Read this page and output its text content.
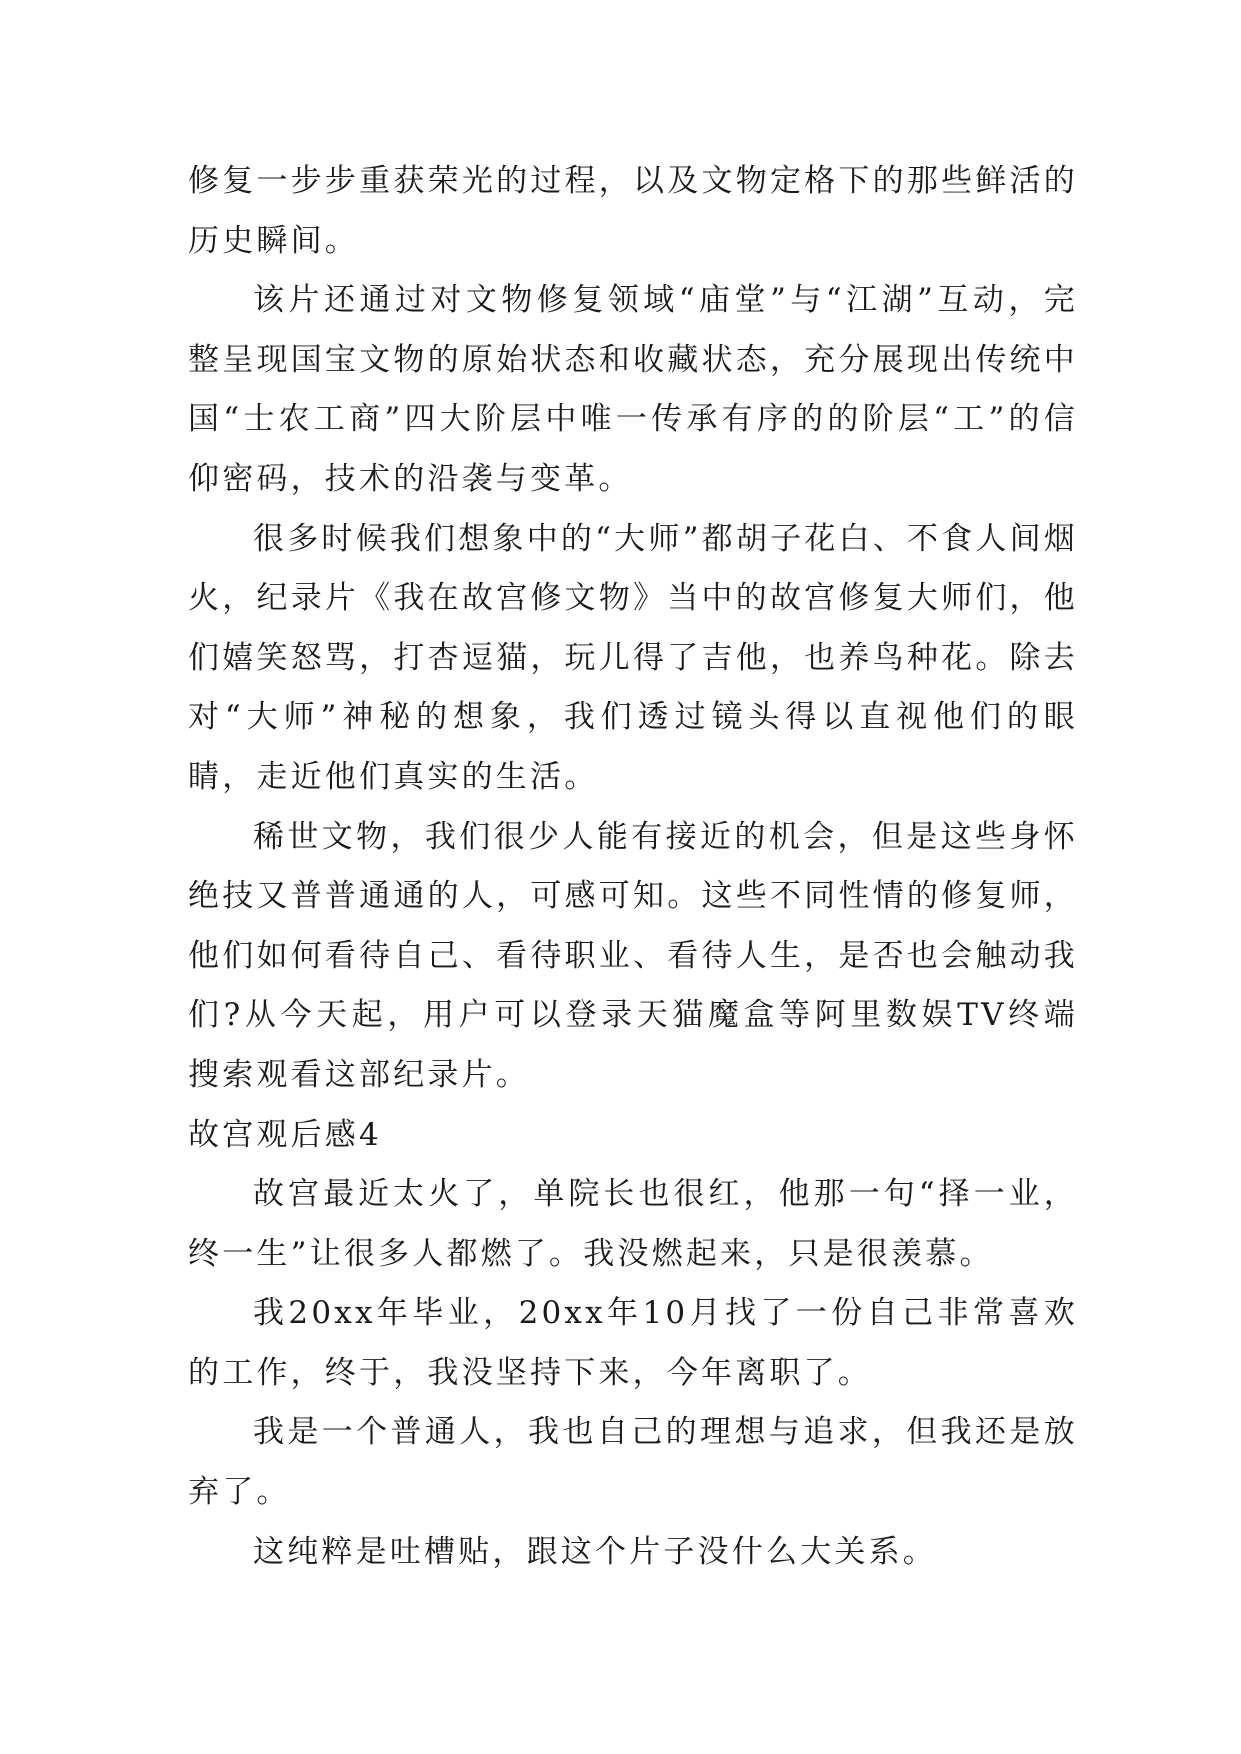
修复一步步重获荣光的过程，以及文物定格下的那些鲜活的历史瞬间。

该片还通过对文物修复领域“庙堂”与“江湖”互动，完整呈现国宝文物的原始状态和收藏状态，充分展现出传统中国“士农工商”四大阶层中唯一传承有序的的阶层“工”的信仰密码，技术的沿袭与变革。

很多时候我们想象中的“大师”都胡子花白、不食人间烟火，纪录片《我在故宫修文物》当中的故宫修复大师们，他们嬉笑怒骂，打杏逗猫，玩儿得了吉他，也养鸟种花。除去对“大师”神秘的想象，我们透过镜头得以直视他们的眼睛，走近他们真实的生活。

稀世文物，我们很少人能有接近的机会，但是这些身怀绝技又普普通通的人，可感可知。这些不同性情的修复师，他们如何看待自己、看待职业、看待人生，是否也会触动我们?从今天起，用户可以登录天猫魔盒等阿里数娱TV终端搜索观看这部纪录片。

故宫观后感4

故宫最近太火了，单院长也很红，他那一句“择一业，终一生”让很多人都燃了。我没燃起来，只是很羡慕。

我20xx年毕业，20xx年10月找了一份自己非常喜欢的工作，终于，我没坚持下来，今年离职了。

我是一个普通人，我也自己的理想与追求，但我还是放弃了。

这纯粹是吐槽贴，跟这个片子没什么大关系。
